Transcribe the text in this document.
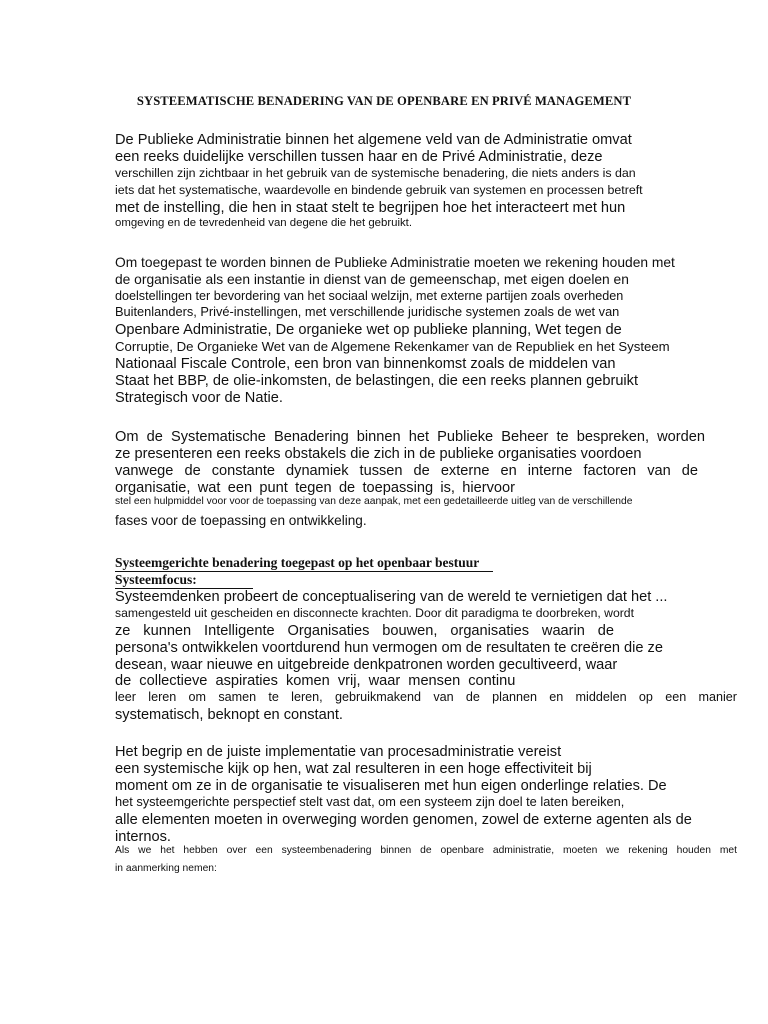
SYSTEEMATISCHE BENADERING VAN DE OPENBARE EN PRIVÉ MANAGEMENT
De Publieke Administratie binnen het algemene veld van de Administratie omvat
een reeks duidelijke verschillen tussen haar en de Privé Administratie, deze
verschillen zijn zichtbaar in het gebruik van de systemische benadering, die niets anders is dan
iets dat het systematische, waardevolle en bindende gebruik van systemen en processen betreft
met de instelling, die hen in staat stelt te begrijpen hoe het interacteert met hun
omgeving en de tevredenheid van degene die het gebruikt.
Om toegepast te worden binnen de Publieke Administratie moeten we rekening houden met
de organisatie als een instantie in dienst van de gemeenschap, met eigen doelen en
doelstellingen ter bevordering van het sociaal welzijn, met externe partijen zoals overheden
Buitenlanders, Privé-instellingen, met verschillende juridische systemen zoals de wet van
Openbare Administratie, De organieke wet op publieke planning, Wet tegen de
Corruptie, De Organieke Wet van de Algemene Rekenkamer van de Republiek en het Systeem
Nationaal Fiscale Controle, een bron van binnenkomst zoals de middelen van
Staat het BBP, de olie-inkomsten, de belastingen, die een reeks plannen gebruikt
Strategisch voor de Natie.
Om de Systematische Benadering binnen het Publieke Beheer te bespreken, worden
ze presenteren een reeks obstakels die zich in de publieke organisaties voordoen
vanwege de constante dynamiek tussen de externe en interne factoren van de
organisatie, wat een punt tegen de toepassing is, hiervoor
stel een hulpmiddel voor voor de toepassing van deze aanpak, met een gedetailleerde uitleg van de verschillende
fases voor de toepassing en ontwikkeling.
Systeemgerichte benadering toegepast op het openbaar bestuur
Systeemfocus:
Systeemdenken probeert de conceptualisering van de wereld te vernietigen dat het ...
samengesteld uit gescheiden en disconnecte krachten. Door dit paradigma te doorbreken, wordt
ze kunnen Intelligente Organisaties bouwen, organisaties waarin de
persona's ontwikkelen voortdurend hun vermogen om de resultaten te creëren die ze
desean, waar nieuwe en uitgebreide denkpatronen worden gecultiveerd, waar
de collectieve aspiraties komen vrij, waar mensen continu
leer leren om samen te leren, gebruikmakend van de plannen en middelen op een manier
systematisch, beknopt en constant.
Het begrip en de juiste implementatie van procesadministratie vereist
een systemische kijk op hen, wat zal resulteren in een hoge effectiviteit bij
moment om ze in de organisatie te visualiseren met hun eigen onderlinge relaties. De
het systeemgerichte perspectief stelt vast dat, om een systeem zijn doel te laten bereiken,
alle elementen moeten in overweging worden genomen, zowel de externe agenten als de
internos.
Als we het hebben over een systeembenadering binnen de openbare administratie, moeten we rekening houden met
in aanmerking nemen:
